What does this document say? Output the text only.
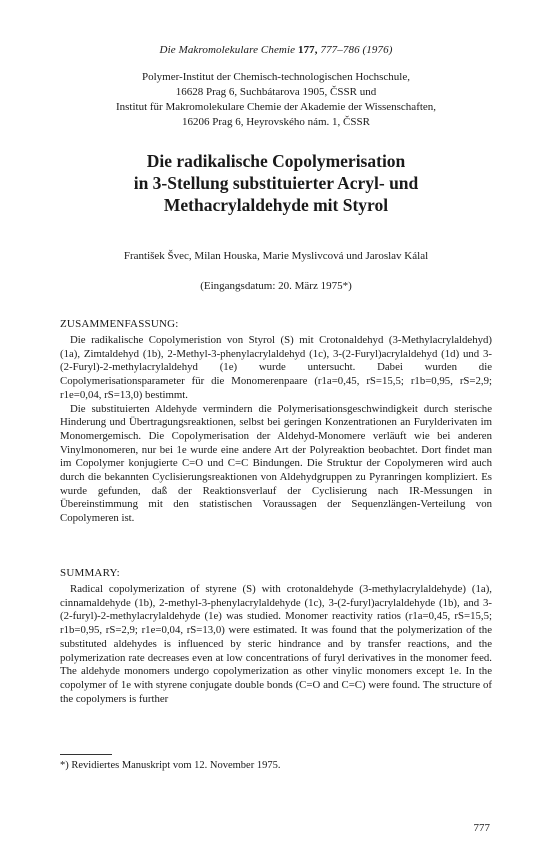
Die Makromolekulare Chemie 177, 777–786 (1976)
Polymer-Institut der Chemisch-technologischen Hochschule,
16628 Prag 6, Suchbátarova 1905, ČSSR und
Institut für Makromolekulare Chemie der Akademie der Wissenschaften,
16206 Prag 6, Heyrovského nám. 1, ČSSR
Die radikalische Copolymerisation
in 3-Stellung substituierter Acryl- und
Methacrylaldehyde mit Styrol
František Švec, Milan Houska, Marie Myslivcová und Jaroslav Kálal
(Eingangsdatum: 20. März 1975*)
ZUSAMMENFASSUNG:

Die radikalische Copolymeristion von Styrol (S) mit Crotonaldehyd (3-Methylacrylaldehyd) (1a), Zimtaldehyd (1b), 2-Methyl-3-phenylacrylaldehyd (1c), 3-(2-Furyl)acrylaldehyd (1d) und 3-(2-Furyl)-2-methylacrylaldehyd (1e) wurde untersucht. Dabei wurden die Copolymerisationsparameter für die Monomerenpaare (r1a=0,45, rS=15,5; r1b=0,95, rS=2,9; r1e=0,04, rS=13,0) bestimmt.

Die substituierten Aldehyde vermindern die Polymerisationsgeschwindigkeit durch sterische Hinderung und Übertragungsreaktionen, selbst bei geringen Konzentrationen an Furylderivaten im Monomergemisch. Die Copolymerisation der Aldehyd-Monomere verläuft wie bei anderen Vinylmonomeren, nur bei 1e wurde eine andere Art der Polyreaktion beobachtet. Dort findet man im Copolymer konjugierte C=O und C=C Bindungen. Die Struktur der Copolymeren wird auch durch die bekannten Cyclisierungsreaktionen von Aldehydgruppen zu Pyranringen kompliziert. Es wurde gefunden, daß der Reaktionsverlauf der Cyclisierung nach IR-Messungen in Übereinstimmung mit den statistischen Voraussagen der Sequenzlängen-Verteilung von Copolymeren ist.

SUMMARY:

Radical copolymerization of styrene (S) with crotonaldehyde (3-methylacrylaldehyde) (1a), cinnamaldehyde (1b), 2-methyl-3-phenylacrylaldehyde (1c), 3-(2-furyl)acrylaldehyde (1b), and 3-(2-furyl)-2-methylacrylaldehyde (1e) was studied. Monomer reactivity ratios (r1a=0,45, rS=15,5; r1b=0,95, rS=2,9; r1e=0,04, rS=13,0) were estimated. It was found that the polymerization of the substituted aldehydes is influenced by steric hindrance and by transfer reactions, and the polymerization rate decreases even at low concentrations of furyl derivatives in the monomer feed. The aldehyde monomers undergo copolymerization as other vinylic monomers except 1e. In the copolymer of 1e with styrene conjugate double bonds (C=O and C=C) were found. The structure of the copolymers is further

*) Revidiertes Manuskript vom 12. November 1975.
777
